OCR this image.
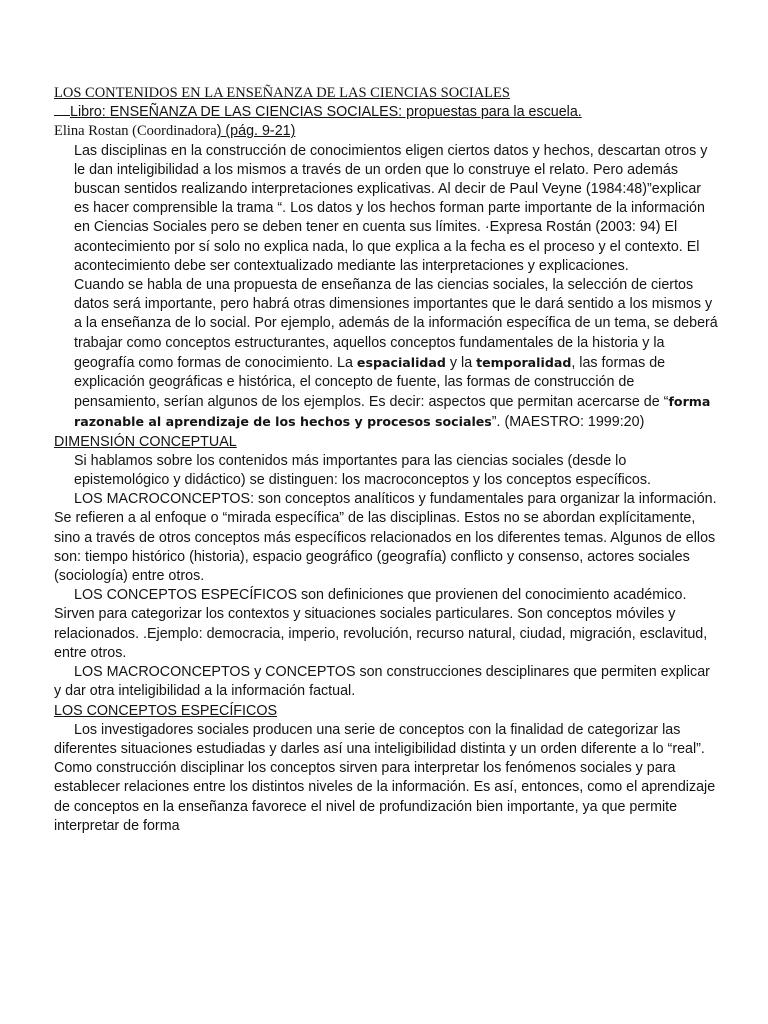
LOS CONTENIDOS EN LA ENSEÑANZA DE LAS CIENCIAS SOCIALES
Libro: ENSEÑANZA DE LAS CIENCIAS SOCIALES: propuestas para la escuela.
Elina Rostan (Coordinadora) (pág. 9-21)

Las disciplinas en la construcción de conocimientos eligen ciertos datos y hechos, descartan otros y le dan inteligibilidad a los mismos a través de un orden que lo construye el relato. Pero además buscan sentidos realizando interpretaciones explicativas. Al decir de Paul Veyne (1984:48)”explicar es hacer comprensible la trama “. Los datos y los hechos forman parte importante de la información en Ciencias Sociales pero se deben tener en cuenta sus límites. ·Expresa Rostán (2003: 94) El acontecimiento por sí solo no explica nada, lo que explica a la fecha es el proceso y el contexto. El acontecimiento debe ser contextualizado mediante las interpretaciones y explicaciones.

Cuando se habla de una propuesta de enseñanza de las ciencias sociales, la selección de ciertos datos será importante, pero habrá otras dimensiones importantes que le dará sentido a los mismos y a la enseñanza de lo social. Por ejemplo, además de la información específica de un tema, se deberá trabajar como conceptos estructurantes, aquellos conceptos fundamentales de la historia y la geografía como formas de conocimiento. La espacialidad y la temporalidad, las formas de explicación geográficas e histórica, el concepto de fuente, las formas de construcción de pensamiento, serían algunos de los ejemplos. Es decir: aspectos que permitan acercarse de “forma razonable al aprendizaje de los hechos y procesos sociales”. (MAESTRO: 1999:20)

DIMENSIÓN CONCEPTUAL

Si hablamos sobre los contenidos más importantes para las ciencias sociales (desde lo epistemológico y didáctico) se distinguen: los macroconceptos y los conceptos específicos.

LOS MACROCONCEPTOS: son conceptos analíticos y fundamentales para organizar la información. Se refieren a al enfoque o “mirada específica” de las disciplinas. Estos no se abordan explícitamente, sino a través de otros conceptos más específicos relacionados en los diferentes temas. Algunos de ellos son: tiempo histórico (historia), espacio geográfico (geografía) conflicto y consenso, actores sociales (sociología) entre otros.

LOS CONCEPTOS ESPECÍFICOS son definiciones que provienen del conocimiento académico. Sirven para categorizar los contextos y situaciones sociales particulares. Son conceptos móviles y relacionados. .Ejemplo: democracia, imperio, revolución, recurso natural, ciudad, migración, esclavitud, entre otros.

LOS MACROCONCEPTOS y CONCEPTOS son construcciones desciplinares que permiten explicar y dar otra inteligibilidad a la información factual.

LOS CONCEPTOS ESPECÍFICOS

Los investigadores sociales producen una serie de conceptos con la finalidad de categorizar las diferentes situaciones estudiadas y darles así una inteligibilidad distinta y un orden diferente a lo “real”. Como construcción disciplinar los conceptos sirven para interpretar los fenómenos sociales y para establecer relaciones entre los distintos niveles de la información. Es así, entonces, como el aprendizaje de conceptos en la enseñanza favorece el nivel de profundización bien importante, ya que permite interpretar de forma
